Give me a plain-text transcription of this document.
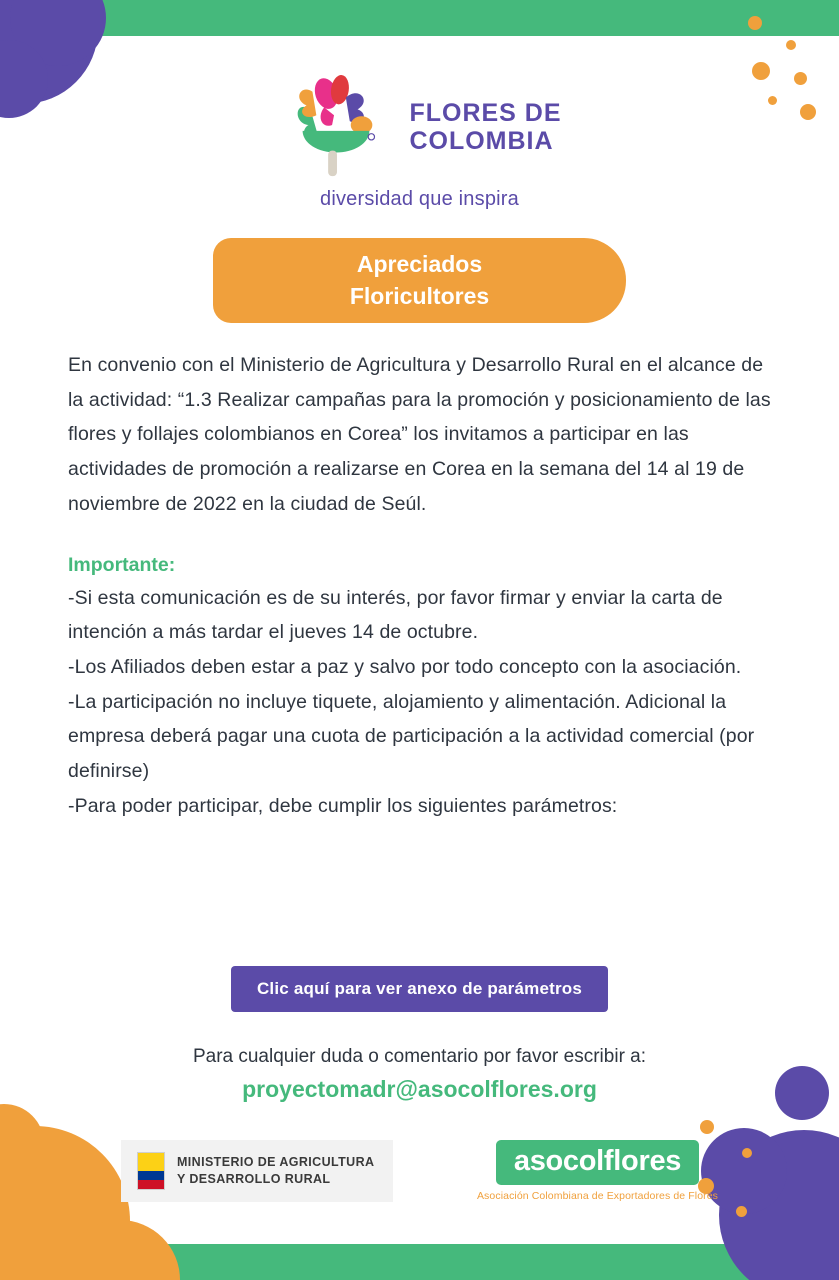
FLORES DE
COLOMBIA
diversidad que inspira
Apreciados
Floricultores

En convenio con el Ministerio de Agricultura y Desarrollo Rural en el alcance de la actividad: “1.3 Realizar campañas para la promoción y posicionamiento de las flores y follajes colombianos en Corea” los invitamos a participar en las actividades de promoción a realizarse en Corea en la semana del 14 al 19 de noviembre de 2022 en la ciudad de Seúl.

Importante:

-Si esta comunicación es de su interés, por favor firmar y enviar la carta de intención a más tardar el jueves 14 de octubre.

-Los Afiliados deben estar a paz y salvo por todo concepto con la asociación.

-La participación no incluye tiquete, alojamiento y alimentación. Adicional la empresa deberá pagar una cuota de participación a la actividad comercial (por definirse)

-Para poder participar, debe cumplir los siguientes parámetros:

Clic aquí para ver anexo de parámetros
Para cualquier duda o comentario por favor escribir a:
proyectomadr@asocolflores.org
MINISTERIO DE AGRICULTURA
Y DESARROLLO RURAL
asocolflores
Asociación Colombiana de Exportadores de Flores
